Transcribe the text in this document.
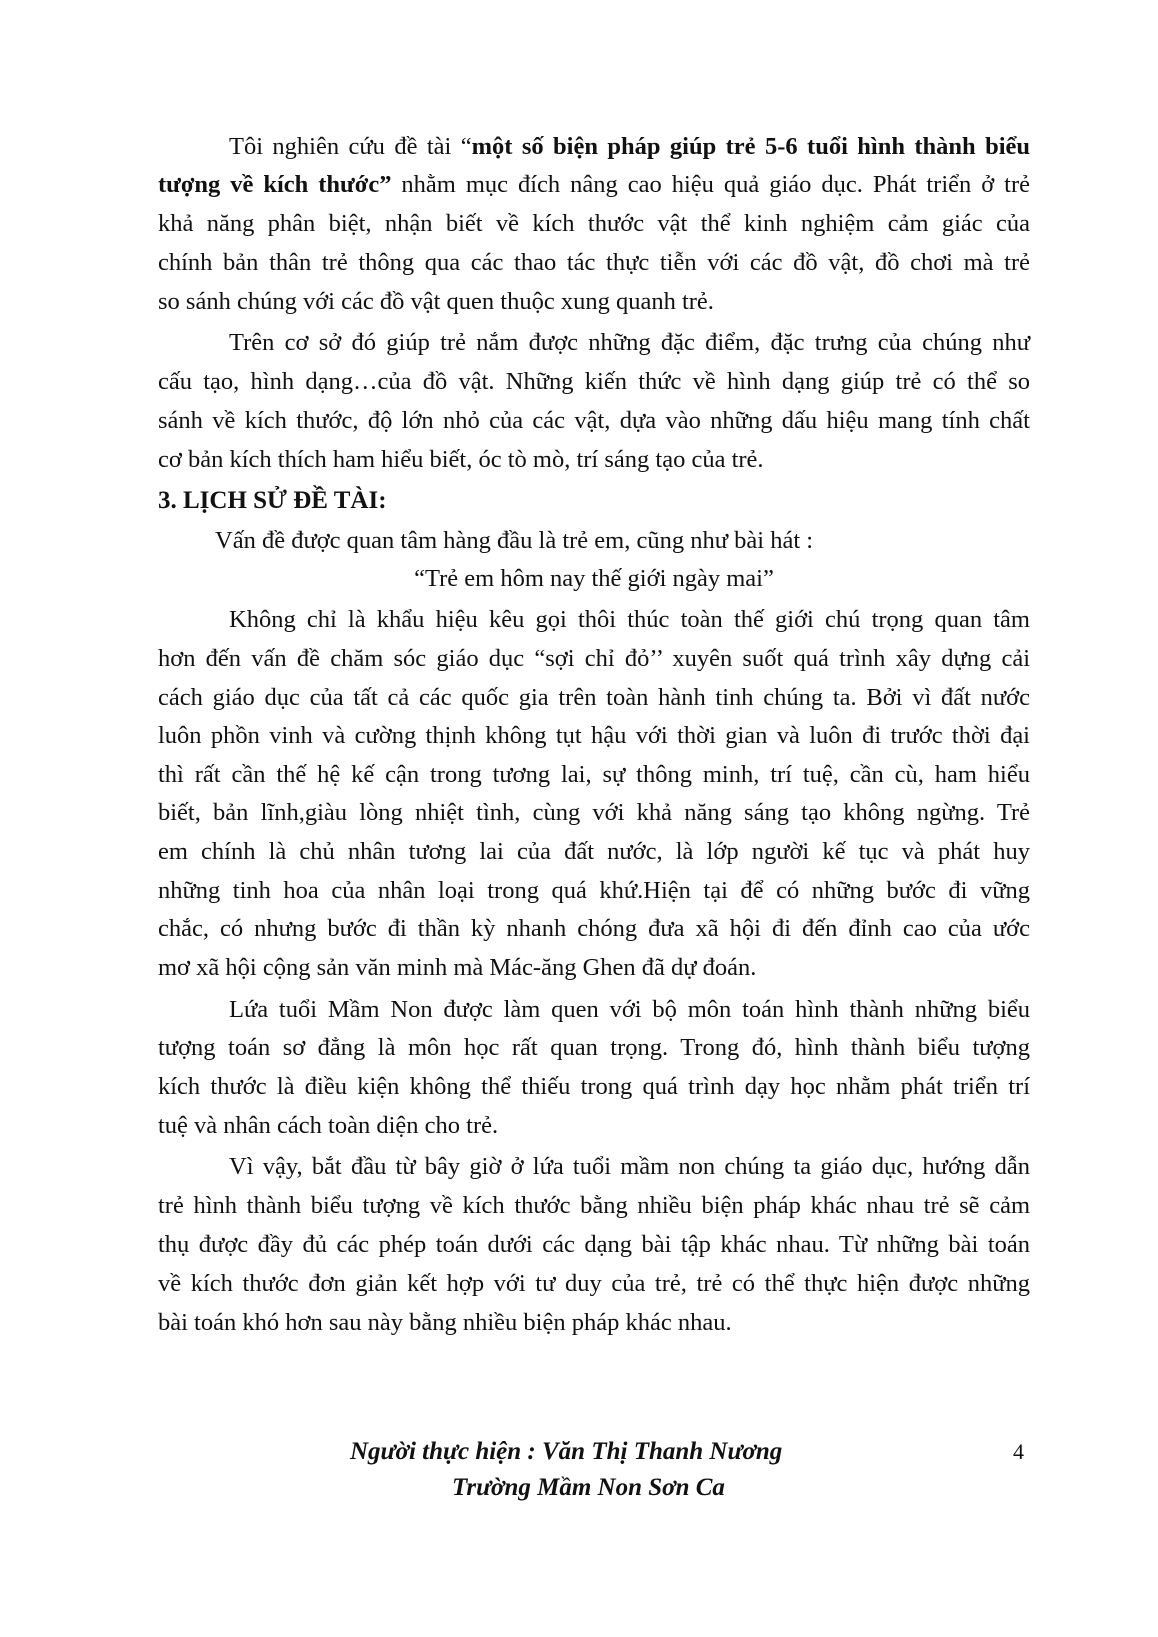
Tôi nghiên cứu đề tài “một số biện pháp giúp trẻ 5-6 tuổi hình thành biểu
tượng về kích thước” nhằm mục đích nâng cao hiệu quả giáo dục. Phát triển ở trẻ
khả năng phân biệt, nhận biết về kích thước vật thể kinh nghiệm cảm giác của
chính bản thân trẻ thông qua các thao tác thực tiễn với các đồ vật, đồ chơi mà trẻ
so sánh chúng với các đồ vật quen thuộc xung quanh trẻ.
Trên cơ sở đó giúp trẻ nắm được những đặc điểm, đặc trưng của chúng như
cấu tạo, hình dạng…của đồ vật. Những kiến thức về hình dạng giúp trẻ có thể so
sánh về kích thước, độ lớn nhỏ của các vật, dựa vào những dấu hiệu mang tính chất
cơ bản kích thích ham hiểu biết, óc tò mò, trí sáng tạo của trẻ.
3. LỊCH SỬ ĐỀ TÀI:
Vấn đề được quan tâm hàng đầu là trẻ em, cũng như bài hát :
“Trẻ em hôm nay thế giới ngày mai”
Không chỉ là khẩu hiệu kêu gọi thôi thúc toàn thế giới chú trọng quan tâm
hơn đến vấn đề chăm sóc giáo dục “sợi chỉ đỏ’’ xuyên suốt quá trình xây dựng cải
cách giáo dục của tất cả các quốc gia trên toàn hành tinh chúng ta. Bởi vì đất nước
luôn phồn vinh và cường thịnh không tụt hậu với thời gian và luôn đi trước thời đại
thì rất cần thế hệ kế cận trong tương lai, sự thông minh, trí tuệ, cần cù, ham hiểu
biết, bản lĩnh,giàu lòng nhiệt tình, cùng với khả năng sáng tạo không ngừng. Trẻ
em chính là chủ nhân tương lai của đất nước, là lớp người kế tục và phát huy
những tinh hoa của nhân loại trong quá khứ.Hiện tại để có những bước đi vững
chắc, có nhưng bước đi thần kỳ nhanh chóng đưa xã hội đi đến đỉnh cao của ước
mơ xã hội cộng sản văn minh mà Mác-ăng Ghen đã dự đoán.
Lứa tuổi Mầm Non được làm quen với bộ môn toán hình thành những biểu
tượng toán sơ đẳng là môn học rất quan trọng. Trong đó, hình thành biểu tượng
kích thước là điều kiện không thể thiếu trong quá trình dạy học nhằm phát triển trí
tuệ và nhân cách toàn diện cho trẻ.
Vì vậy, bắt đầu từ bây giờ ở lứa tuổi mầm non chúng ta giáo dục, hướng dẫn
trẻ hình thành biểu tượng về kích thước bằng nhiều biện pháp khác nhau trẻ sẽ cảm
thụ được đầy đủ các phép toán dưới các dạng bài tập khác nhau. Từ những bài toán
về kích thước đơn giản kết hợp với tư duy của trẻ, trẻ có thể thực hiện được những
bài toán khó hơn sau này bằng nhiều biện pháp khác nhau.
Người thực hiện : Văn Thị Thanh Nương
Trường Mầm Non Sơn Ca
4
